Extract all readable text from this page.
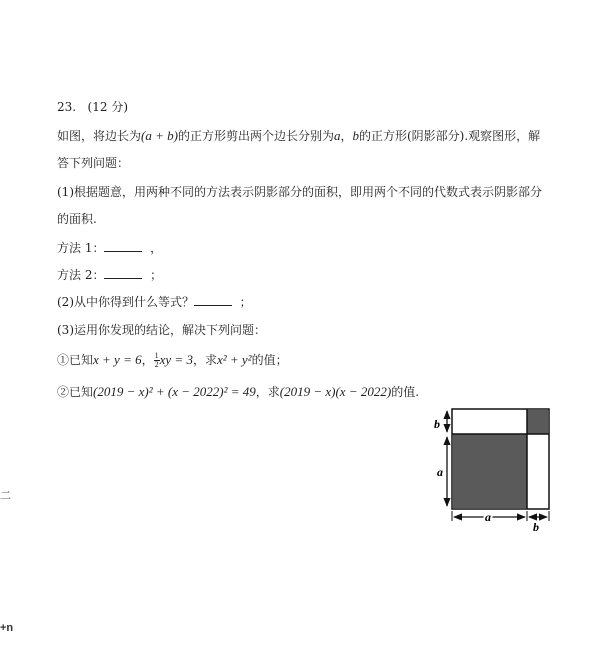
23. (12 分)
如图，将边长为(a + b)的正方形剪出两个边长分别为a，b的正方形(阴影部分).观察图形，解
答下列问题：
(1)根据题意，用两种不同的方法表示阴影部分的面积，即用两个不同的代数式表示阴影部分
的面积.
方法 1：	，
方法 2：	；
(2)从中你得到什么等式？	；
(3)运用你发现的结论，解决下列问题：
①已知x + y = 6， $\frac{1}{2}$ xy = 3，求x² + y²的值；
②已知(2019 − x)² + (x − 2022)² = 49，求(2019 − x)(x − 2022)的值.
b
a
a
b
二
+n
